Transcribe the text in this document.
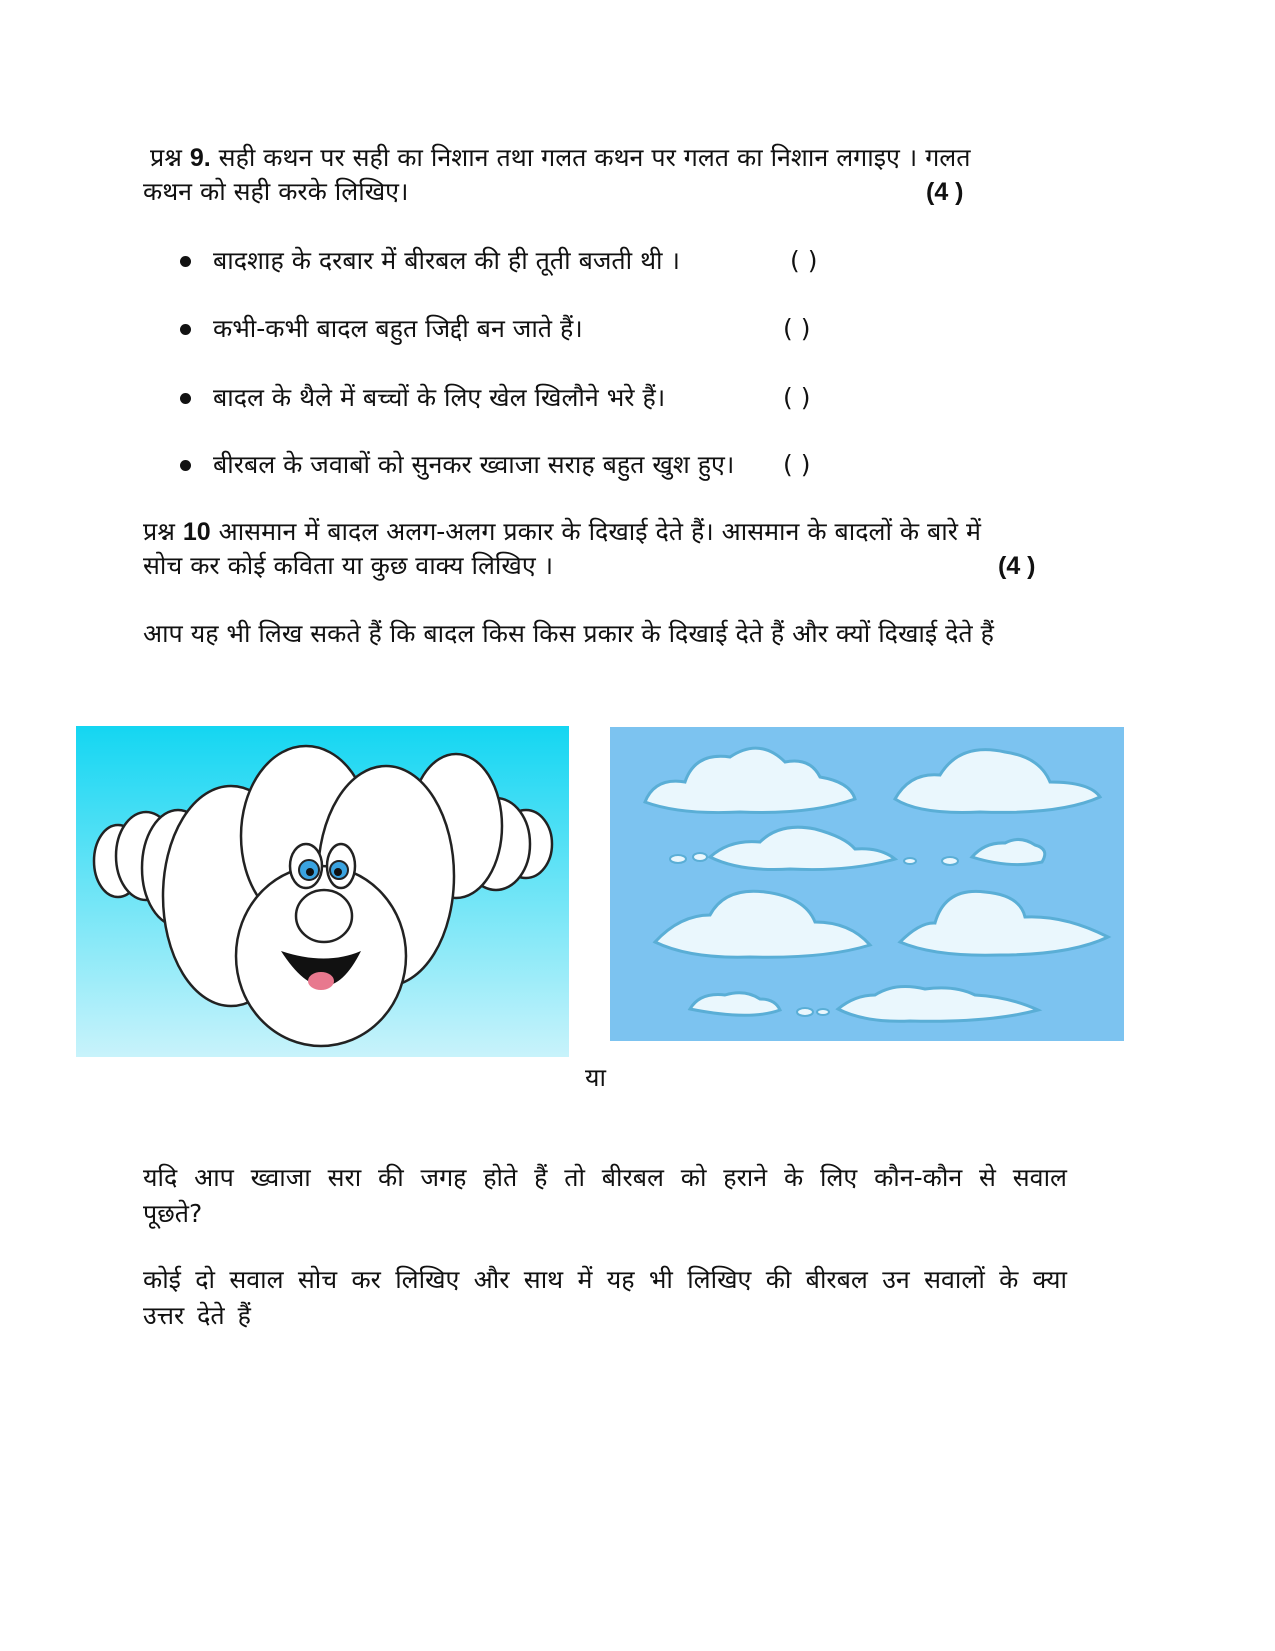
प्रश्न 9. सही कथन पर सही का निशान तथा गलत कथन पर गलत का निशान लगाइए । गलत
कथन को सही करके लिखिए।	(4 )
बादशाह के दरबार में बीरबल की ही तूती बजती थी ।	( )
कभी-कभी बादल बहुत जिद्दी बन जाते हैं।	( )
बादल के थैले में बच्चों के लिए खेल खिलौने भरे हैं।	( )
बीरबल के जवाबों को सुनकर ख्वाजा सराह बहुत खुश हुए। ( )
प्रश्न 10 आसमान में बादल अलग-अलग प्रकार के दिखाई देते हैं। आसमान के बादलों के बारे में
सोच कर कोई कविता या कुछ वाक्य लिखिए ।	(4 )
आप यह भी लिख सकते हैं कि बादल किस किस प्रकार के दिखाई देते हैं और क्यों दिखाई देते हैं
या
यदि आप ख्वाजा सरा की जगह होते हैं तो बीरबल को हराने के लिए कौन-कौन से सवाल पूछते?
कोई दो सवाल सोच कर लिखिए और साथ में यह भी लिखिए की बीरबल उन सवालों के क्या उत्तर देते हैं
